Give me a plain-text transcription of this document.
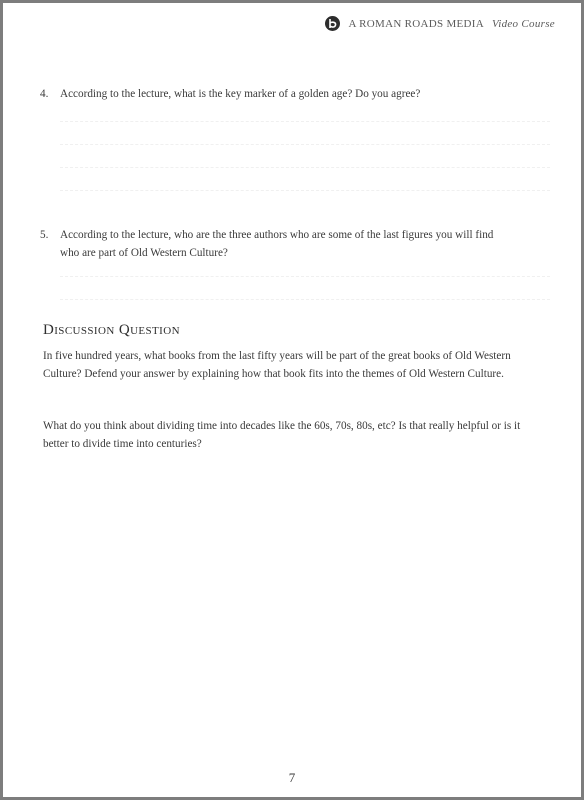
A ROMAN ROADS MEDIA Video Course
4. According to the lecture, what is the key marker of a golden age? Do you agree?
5. According to the lecture, who are the three authors who are some of the last figures you will find who are part of Old Western Culture?
Discussion Question
In five hundred years, what books from the last fifty years will be part of the great books of Old Western Culture? Defend your answer by explaining how that book fits into the themes of Old Western Culture.
What do you think about dividing time into decades like the 60s, 70s, 80s, etc? Is that really helpful or is it better to divide time into centuries?
7
